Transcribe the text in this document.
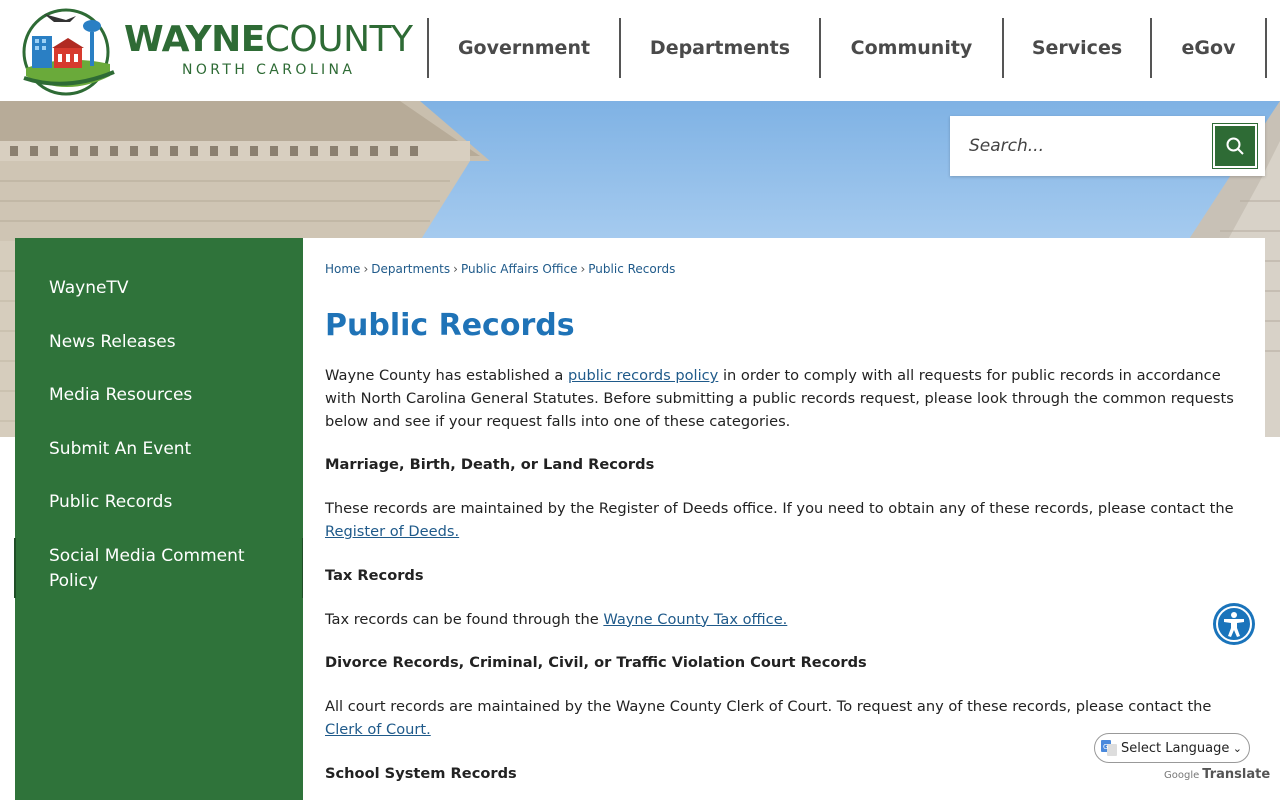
WAYNECOUNTY
NORTH CAROLINA
Government	Departments	Community	Services	eGov
Search...
WayneTV
News Releases
Media Resources
Submit An Event
Public Records
Social Media Comment Policy
Home › Departments › Public Affairs Office › Public Records
Public Records

Wayne County has established a public records policy in order to comply with all requests for public records in accordance with North Carolina General Statutes. Before submitting a public records request, please look through the common requests below and see if your request falls into one of these categories.

Marriage, Birth, Death, or Land Records

These records are maintained by the Register of Deeds office. If you need to obtain any of these records, please contact the Register of Deeds.

Tax Records

Tax records can be found through the Wayne County Tax office.

Divorce Records, Criminal, Civil, or Traffic Violation Court Records

All court records are maintained by the Wayne County Clerk of Court. To request any of these records, please contact the Clerk of Court.

School System Records

G Select Language ⌄
Google Translate
